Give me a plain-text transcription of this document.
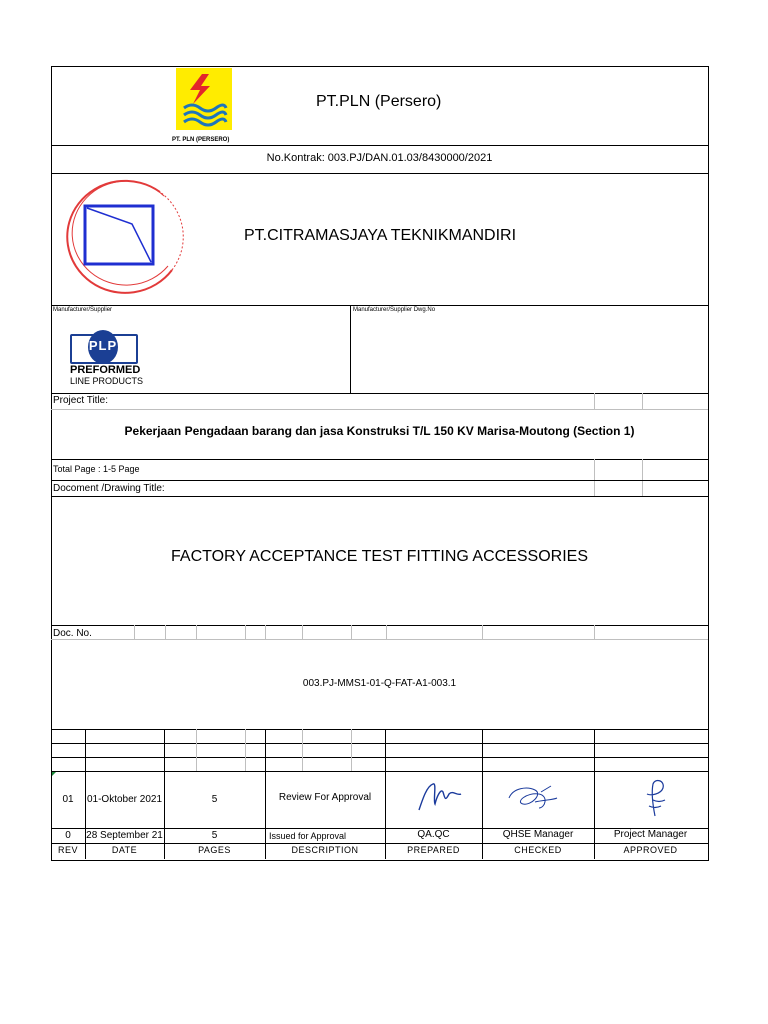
PT. PLN (PERSERO)
PT.PLN (Persero)
No.Kontrak: 003.PJ/DAN.01.03/8430000/2021
PT.CITRAMASJAYA TEKNIKMANDIRI
Manufacturer/Supplier	Manufacturer/Supplier Dwg.No
PLP
PREFORMED
LINE PRODUCTS
Project Title:
Pekerjaan Pengadaan barang dan jasa Konstruksi T/L 150 KV Marisa-Moutong (Section 1)
Total Page : 1-5 Page
Docoment /Drawing Title:
FACTORY ACCEPTANCE TEST FITTING ACCESSORIES
Doc. No.
003.PJ-MMS1-01-Q-FAT-A1-003.1
01	01-Oktober 2021	5	Review For Approval
0	28 September 21	5	Issued for Approval	QA.QC	QHSE Manager	Project Manager
REV	DATE	PAGES	DESCRIPTION	PREPARED	CHECKED	APPROVED
